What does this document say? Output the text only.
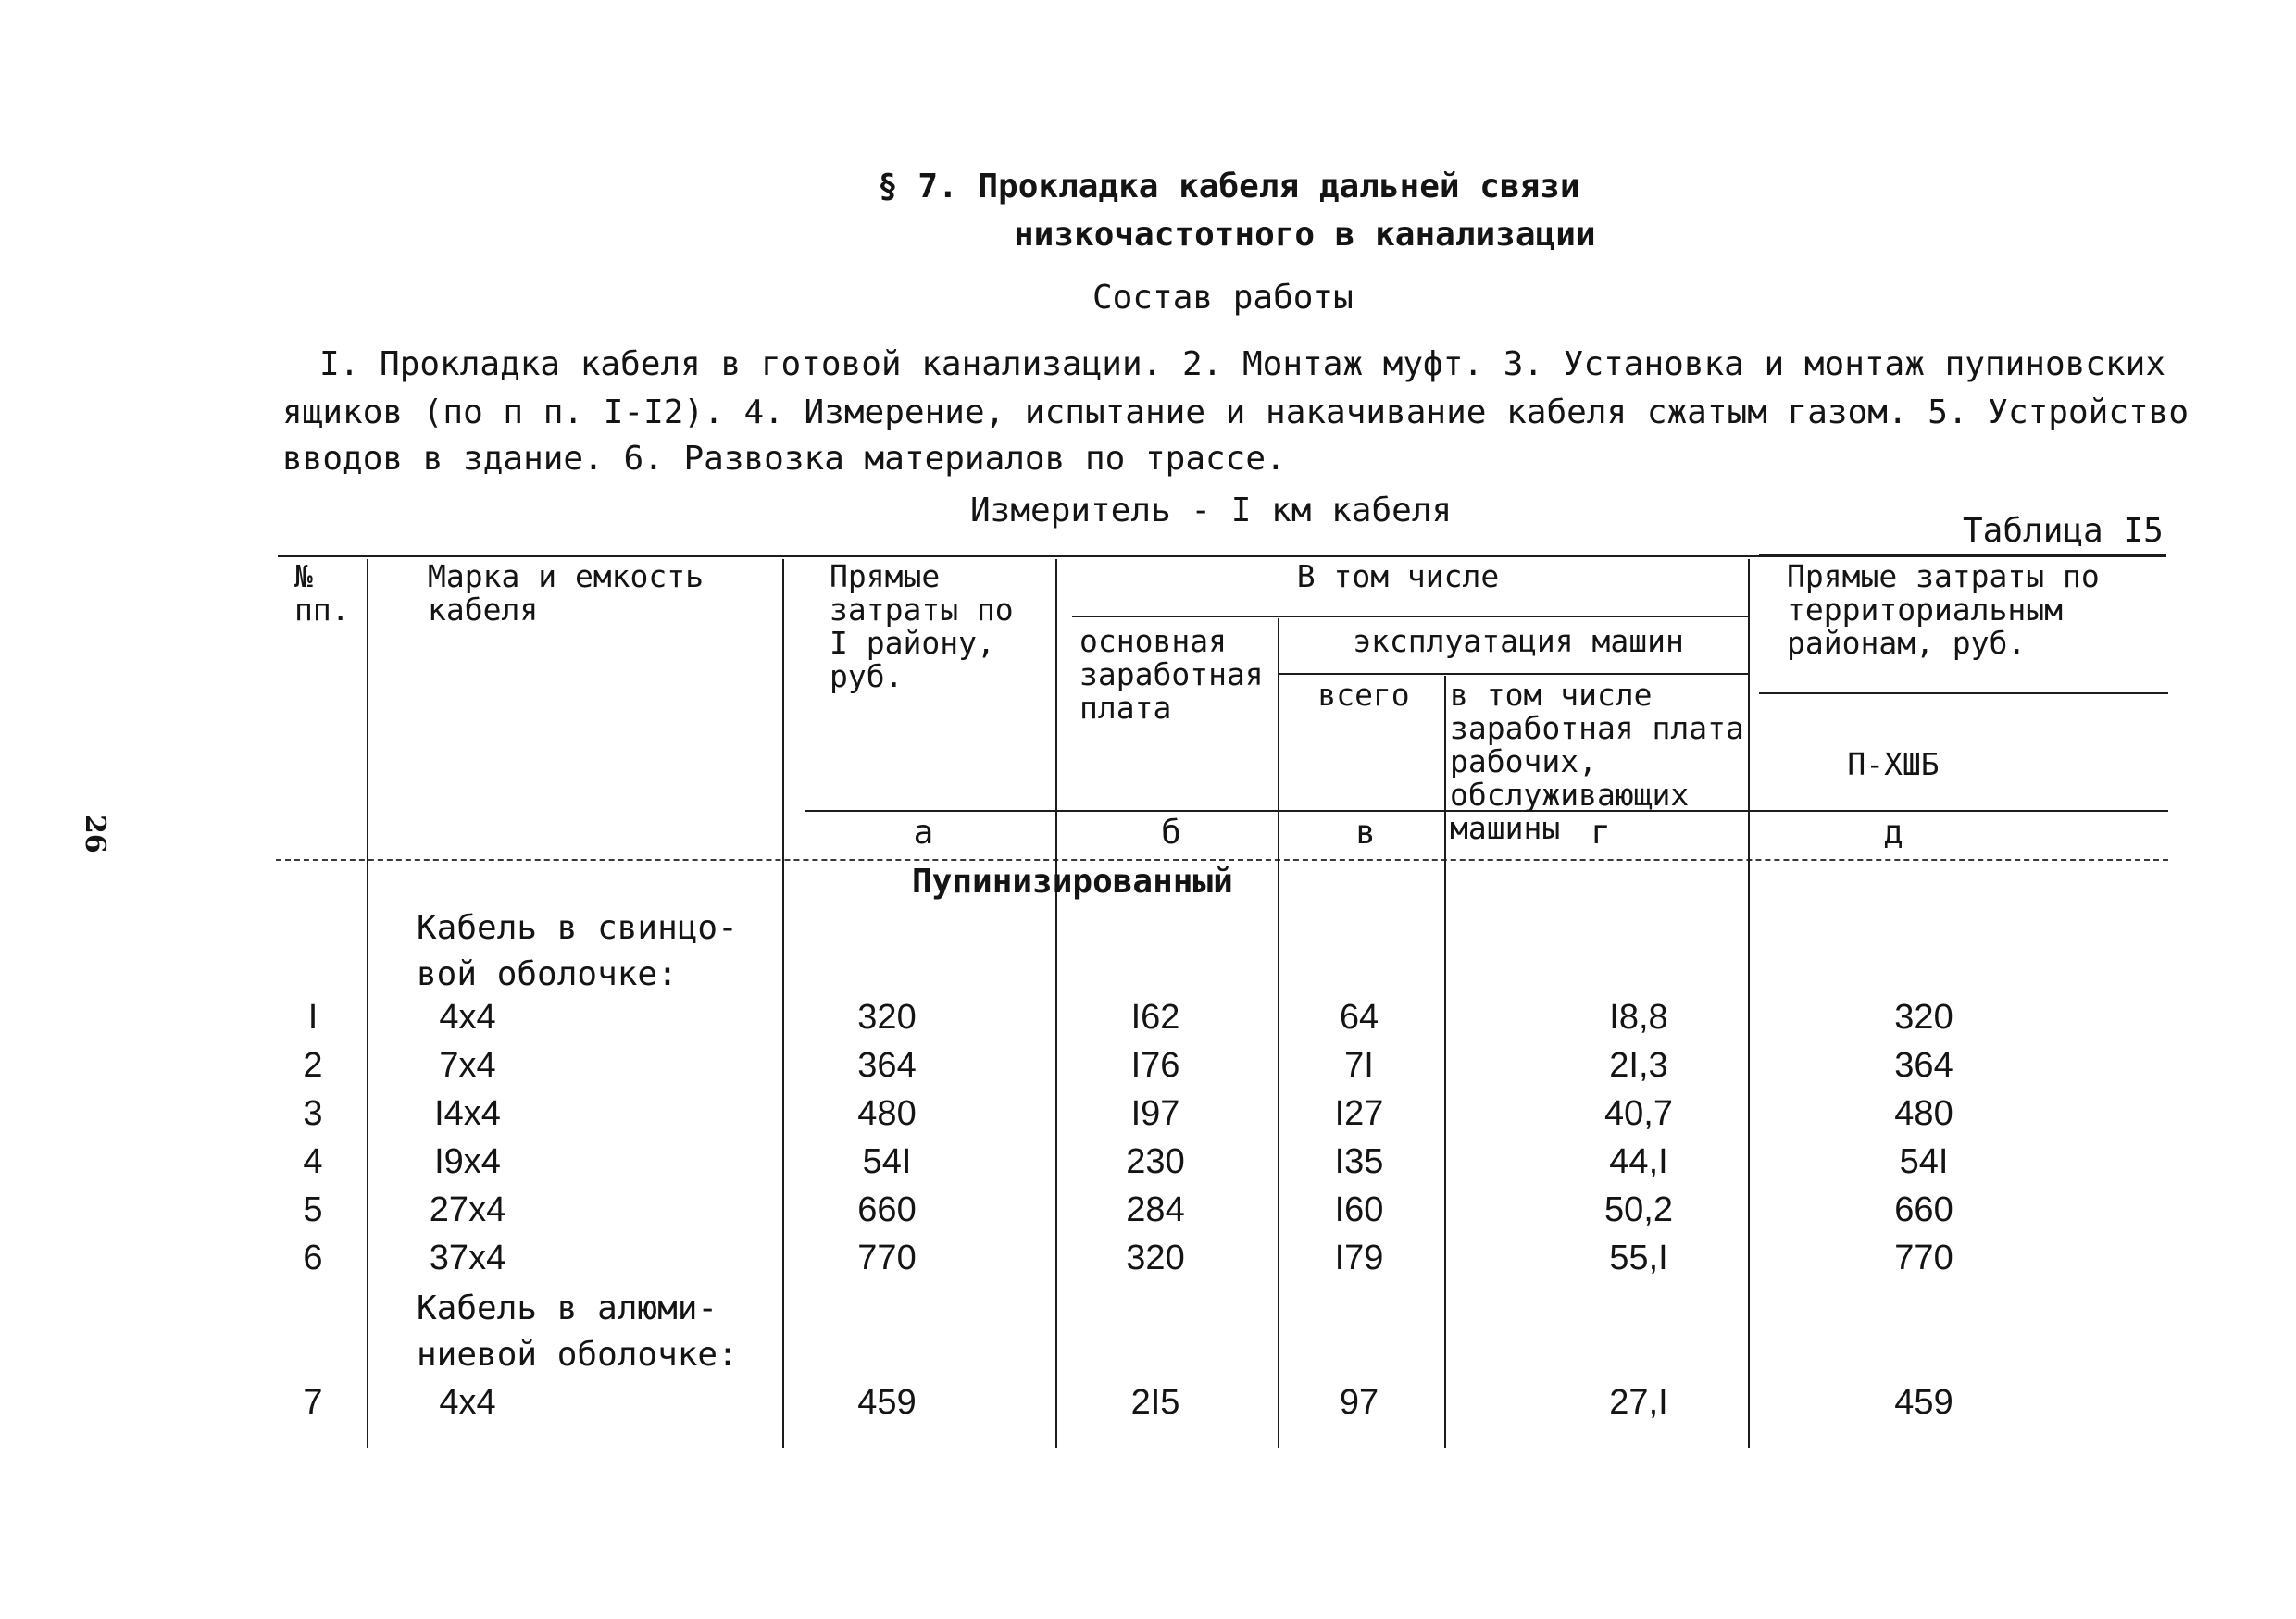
26
§ 7. Прокладка кабеля дальней связи
низкочастотного в канализации
Состав работы
I. Прокладка кабеля в готовой канализации. 2. Монтаж муфт. 3. Установка и монтаж пупиновских
ящиков (по п п. I-I2). 4. Измерение, испытание и накачивание кабеля сжатым газом. 5. Устройство
вводов в здание. 6. Развозка материалов по трассе.
Измеритель - I км кабеля
Таблица I5
№ пп.
Марка и емкость кабеля
Прямые затраты по I району, руб.
В том числе
основная заработная плата
эксплуатация машин
всего	в том числе заработная плата рабочих, обслуживающих машины
Прямые затраты по территориальным районам, руб.
П-ХШБ
а	б	в	г	д
Пупинизированный
Кабель в свинцо-
вой оболочке:
Кабель в алюми-
ниевой оболочке:
I	4x4	320	I62	64	I8,8	320
2	7x4	364	I76	7I	2I,3	364
3	I4x4	480	I97	I27	40,7	480
4	I9x4	54I	230	I35	44,I	54I
5	27x4	660	284	I60	50,2	660
6	37x4	770	320	I79	55,I	770
7	4x4	459	2I5	97	27,I	459
